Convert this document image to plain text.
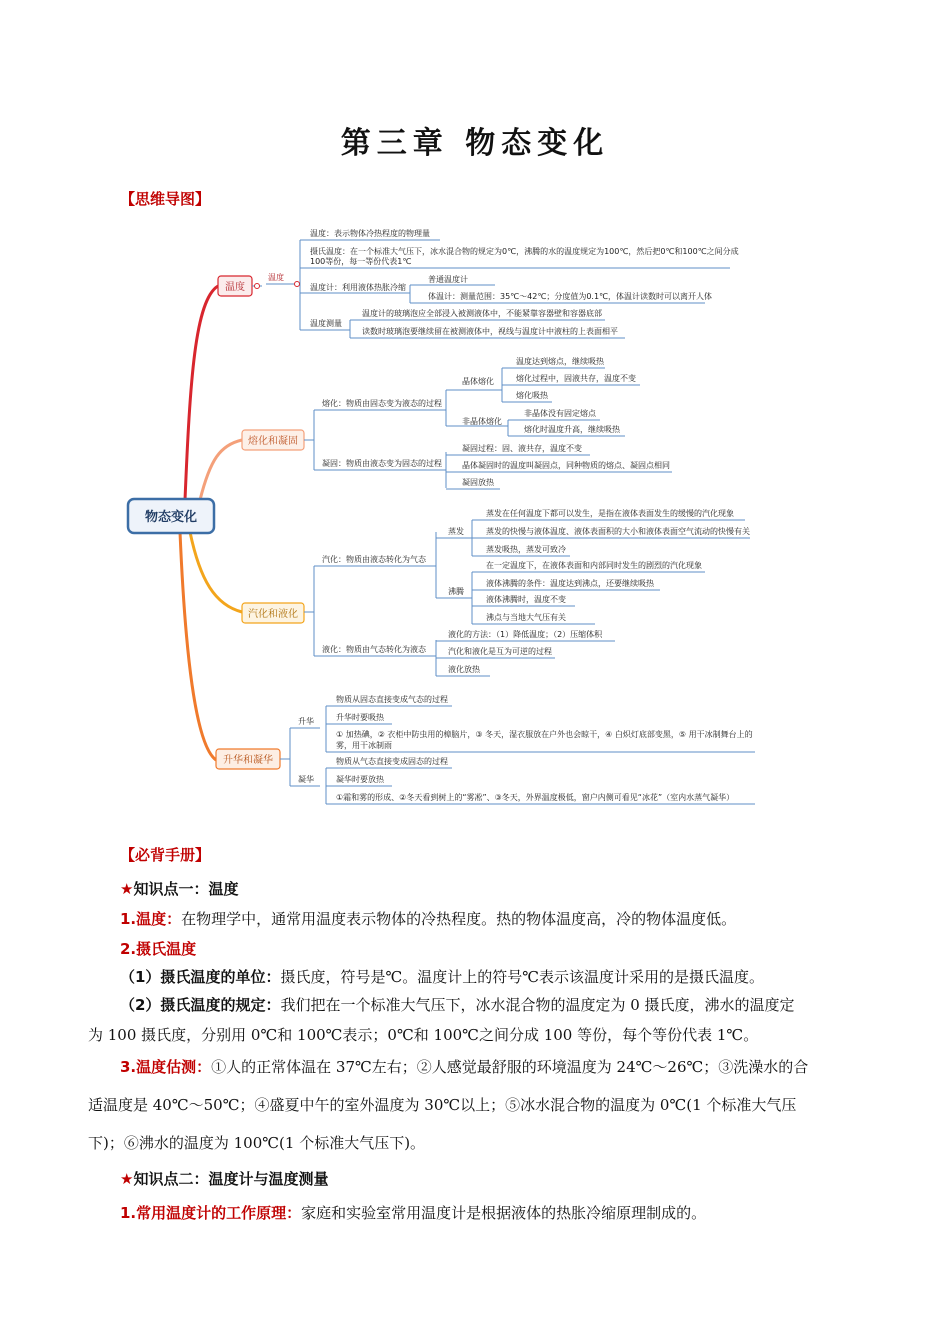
第三章 物态变化
【思维导图】
物态变化
温度
熔化和凝固
汽化和液化
升华和凝华
温度
温度：表示物体冷热程度的物理量
摄氏温度：在一个标准大气压下，冰水混合物的规定为0℃，沸腾的水的温度规定为100℃，然后把0℃和100℃之间分成
100等份，每一等份代表1℃
温度计：利用液体热胀冷缩
普通温度计
体温计：测量范围：35℃～42℃；分度值为0.1℃，体温计读数时可以离开人体
温度测量
温度计的玻璃泡应全部浸入被测液体中，不能紧靠容器壁和容器底部
读数时玻璃泡要继续留在被测液体中，视线与温度计中液柱的上表面相平
熔化：物质由固态变为液态的过程
晶体熔化
温度达到熔点，继续吸热
熔化过程中，固液共存，温度不变
熔化吸热
非晶体熔化
非晶体没有固定熔点
熔化时温度升高，继续吸热
凝固：物质由液态变为固态的过程
凝固过程：固、液共存，温度不变
晶体凝固时的温度叫凝固点，同种物质的熔点、凝固点相同
凝固放热
汽化：物质由液态转化为气态
蒸发
蒸发在任何温度下都可以发生，是指在液体表面发生的缓慢的汽化现象
蒸发的快慢与液体温度、液体表面积的大小和液体表面空气流动的快慢有关
蒸发吸热，蒸发可致冷
沸腾
在一定温度下，在液体表面和内部同时发生的剧烈的汽化现象
液体沸腾的条件：温度达到沸点，还要继续吸热
液体沸腾时，温度不变
沸点与当地大气压有关
液化：物质由气态转化为液态
液化的方法：（1）降低温度；（2）压缩体积
汽化和液化是互为可逆的过程
液化放热
升华
物质从固态直接变成气态的过程
升华时要吸热
① 加热碘，② 衣柜中防虫用的樟脑片，③ 冬天，湿衣服放在户外也会晾干，④ 白炽灯底部变黑，⑤ 用干冰制舞台上的
雾，用干冰制雨
凝华
物质从气态直接变成固态的过程
凝华时要放热
①霜和雾的形成、②冬天看到树上的“雾凇”、③冬天，外界温度极低，窗户内侧可看见“冰花”（室内水蒸气凝华）
【必背手册】
★知识点一：温度
1.温度：在物理学中，通常用温度表示物体的冷热程度。热的物体温度高，冷的物体温度低。
2.摄氏温度
（1）摄氏温度的单位：摄氏度，符号是℃。温度计上的符号℃表示该温度计采用的是摄氏温度。
（2）摄氏温度的规定：我们把在一个标准大气压下，冰水混合物的温度定为 0 摄氏度，沸水的温度定
为 100 摄氏度，分别用 0℃和 100℃表示；0℃和 100℃之间分成 100 等份，每个等份代表 1℃。
3.温度估测：①人的正常体温在 37℃左右；②人感觉最舒服的环境温度为 24℃～26℃；③洗澡水的合
适温度是 40℃～50℃；④盛夏中午的室外温度为 30℃以上；⑤冰水混合物的温度为 0℃(1 个标准大气压
下)；⑥沸水的温度为 100℃(1 个标准大气压下)。
★知识点二：温度计与温度测量
1.常用温度计的工作原理：家庭和实验室常用温度计是根据液体的热胀冷缩原理制成的。
